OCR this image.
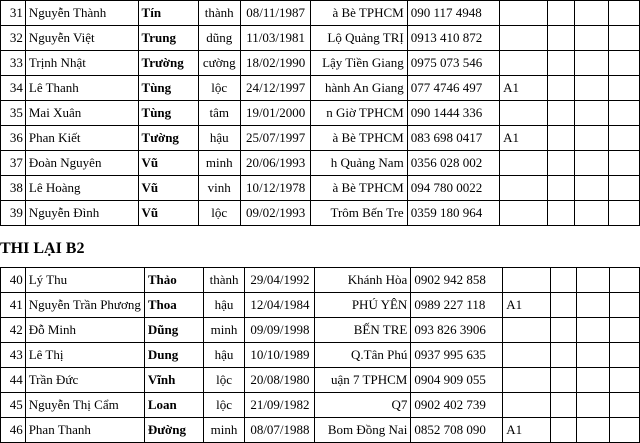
31	Nguyễn Thành	Tín	thành	08/11/1987	à Bè TPHCM	090 117 4948				
32	Nguyễn Việt	Trung	dũng	11/03/1981	Lộ Quảng TRỊ	0913 410 872				
33	Trịnh Nhật	Trường	cường	18/02/1990	Lậy Tiền Giang	0975 073 546				
34	Lê Thanh	Tùng	lộc	24/12/1997	hành An Giang	077 4746 497	A1			
35	Mai Xuân	Tùng	tâm	19/01/2000	n Giờ TPHCM	090 1444 336				
36	Phan Kiết	Tường	hậu	25/07/1997	à Bè TPHCM	083 698 0417	A1			
37	Đoàn Nguyên	Vũ	minh	20/06/1993	h Quảng Nam	0356 028 002				
38	Lê Hoàng	Vũ	vinh	10/12/1978	à Bè TPHCM	094 780 0022				
39	Nguyễn Đình	Vũ	lộc	09/02/1993	Trôm Bến Tre	0359 180 964				
THI LẠI B2
40	Lý Thu	Thảo	thành	29/04/1992	Khánh Hòa	0902 942 858				
41	Nguyễn Trần Phương	Thoa	hậu	12/04/1984	PHÚ YÊN	0989 227 118	A1			
42	Đỗ Minh	Dũng	minh	09/09/1998	BẾN TRE	093 826 3906				
43	Lê Thị	Dung	hậu	10/10/1989	Q.Tân Phú	0937 995 635				
44	Trần Đức	Vĩnh	lộc	20/08/1980	uận 7 TPHCM	0904 909 055				
45	Nguyễn Thị Cẩm	Loan	lộc	21/09/1982	Q7	0902 402 739				
46	Phan Thanh	Đường	minh	08/07/1988	Bom Đồng Nai	0852 708 090	A1			
